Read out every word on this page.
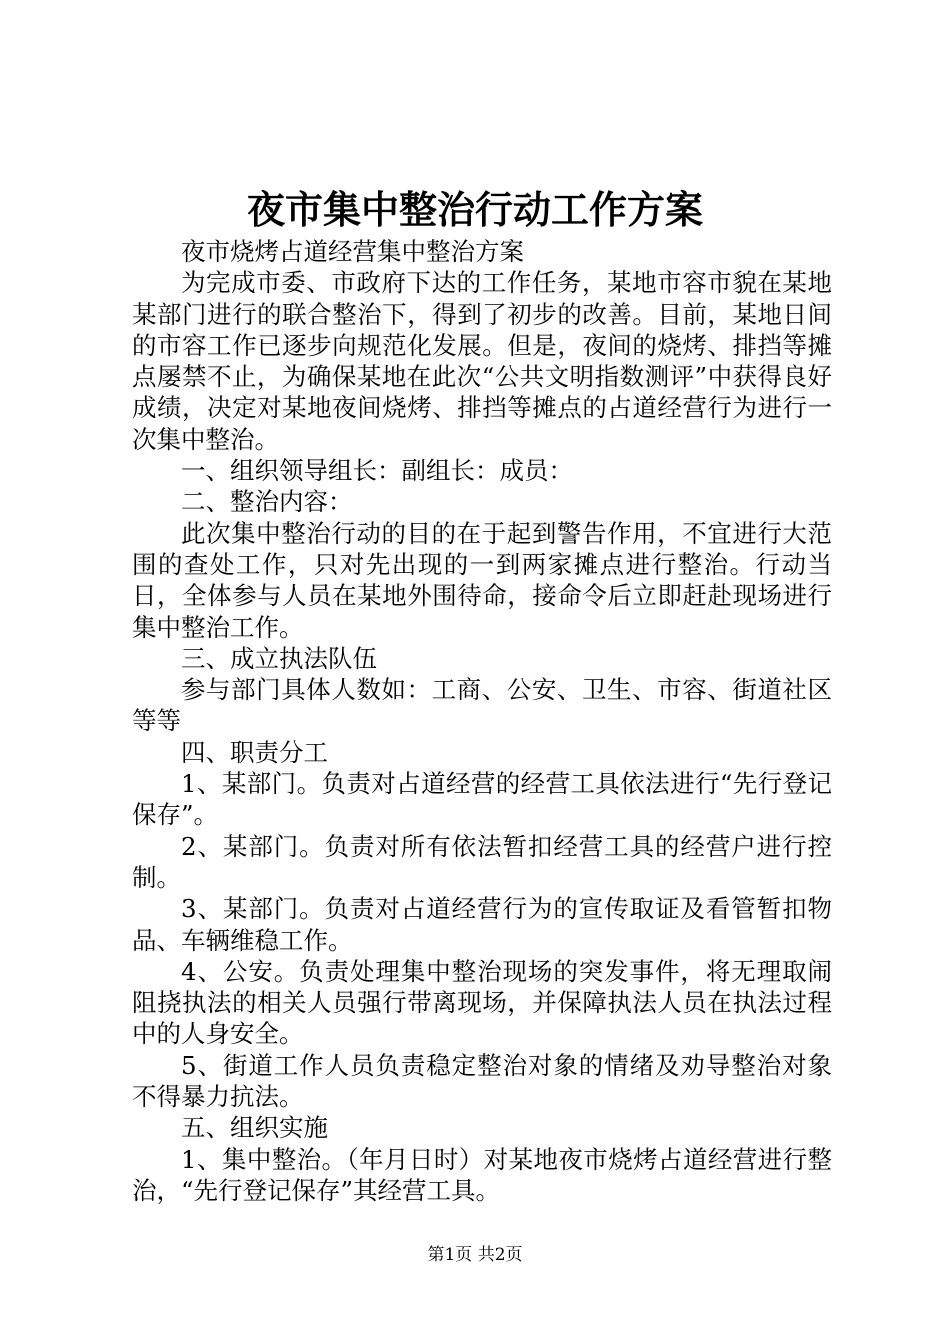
夜市集中整治行动工作方案

夜市烧烤占道经营集中整治方案

为完成市委、市政府下达的工作任务，某地市容市貌在某地某部门进行的联合整治下，得到了初步的改善。目前，某地日间的市容工作已逐步向规范化发展。但是，夜间的烧烤、排挡等摊点屡禁不止，为确保某地在此次“公共文明指数测评”中获得良好成绩，决定对某地夜间烧烤、排挡等摊点的占道经营行为进行一次集中整治。

一、组织领导组长：副组长：成员：

二、整治内容：

此次集中整治行动的目的在于起到警告作用，不宜进行大范围的查处工作，只对先出现的一到两家摊点进行整治。行动当日，全体参与人员在某地外围待命，接命令后立即赶赴现场进行集中整治工作。

三、成立执法队伍

参与部门具体人数如：工商、公安、卫生、市容、街道社区等等

四、职责分工

1、某部门。负责对占道经营的经营工具依法进行“先行登记保存”。

2、某部门。负责对所有依法暂扣经营工具的经营户进行控制。

3、某部门。负责对占道经营行为的宣传取证及看管暂扣物品、车辆维稳工作。

4、公安。负责处理集中整治现场的突发事件，将无理取闹阻挠执法的相关人员强行带离现场，并保障执法人员在执法过程中的人身安全。

5、街道工作人员负责稳定整治对象的情绪及劝导整治对象不得暴力抗法。

五、组织实施

1、集中整治。（年月日时）对某地夜市烧烤占道经营进行整治，“先行登记保存”其经营工具。

第1页 共2页
